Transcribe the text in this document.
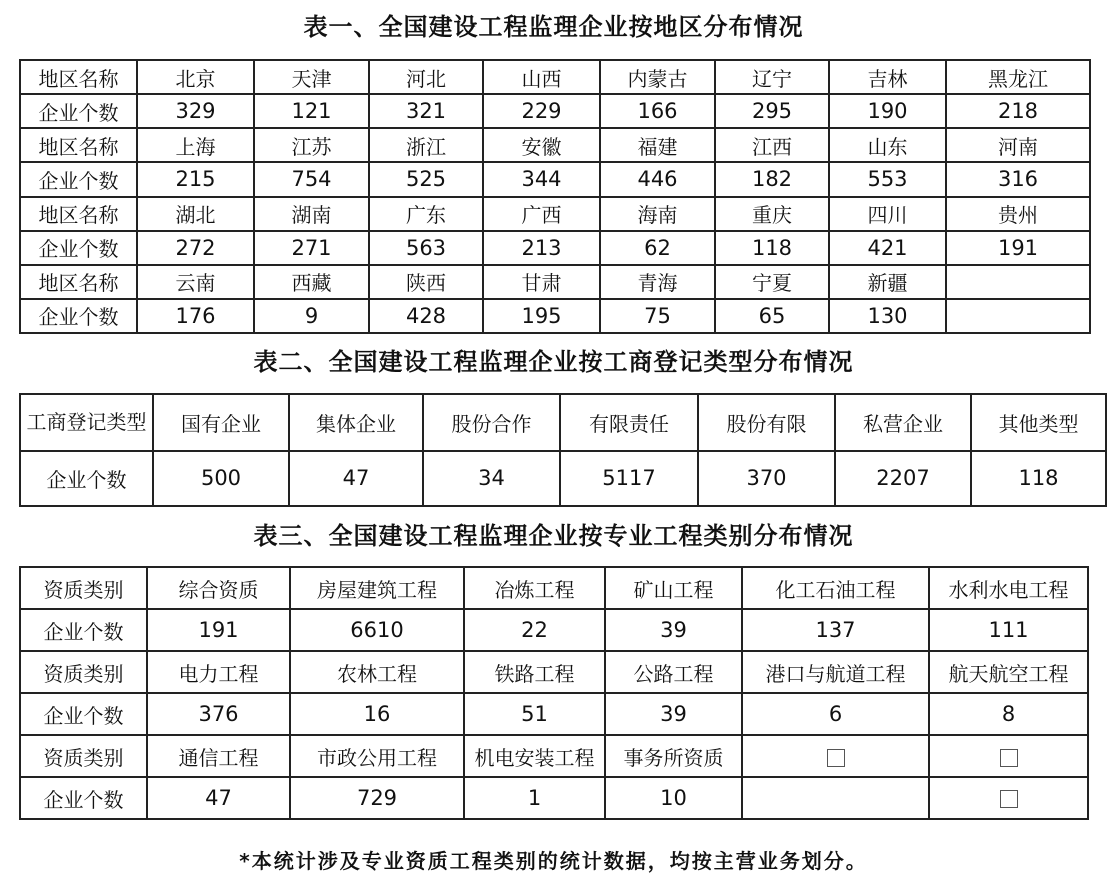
表一、全国建设工程监理企业按地区分布情况
地区名称	北京	天津	河北	山西	内蒙古	辽宁	吉林	黑龙江
企业个数	329	121	321	229	166	295	190	218
地区名称	上海	江苏	浙江	安徽	福建	江西	山东	河南
企业个数	215	754	525	344	446	182	553	316
地区名称	湖北	湖南	广东	广西	海南	重庆	四川	贵州
企业个数	272	271	563	213	62	118	421	191
地区名称	云南	西藏	陕西	甘肃	青海	宁夏	新疆	
企业个数	176	9	428	195	75	65	130	
表二、全国建设工程监理企业按工商登记类型分布情况
工商登记类型	国有企业	集体企业	股份合作	有限责任	股份有限	私营企业	其他类型
企业个数	500	47	34	5117	370	2207	118
表三、全国建设工程监理企业按专业工程类别分布情况
资质类别	综合资质	房屋建筑工程	冶炼工程	矿山工程	化工石油工程	水利水电工程
企业个数	191	6610	22	39	137	111
资质类别	电力工程	农林工程	铁路工程	公路工程	港口与航道工程	航天航空工程
企业个数	376	16	51	39	6	8
资质类别	通信工程	市政公用工程	机电安装工程	事务所资质		
企业个数	47	729	1	10		
*本统计涉及专业资质工程类别的统计数据，均按主营业务划分。
